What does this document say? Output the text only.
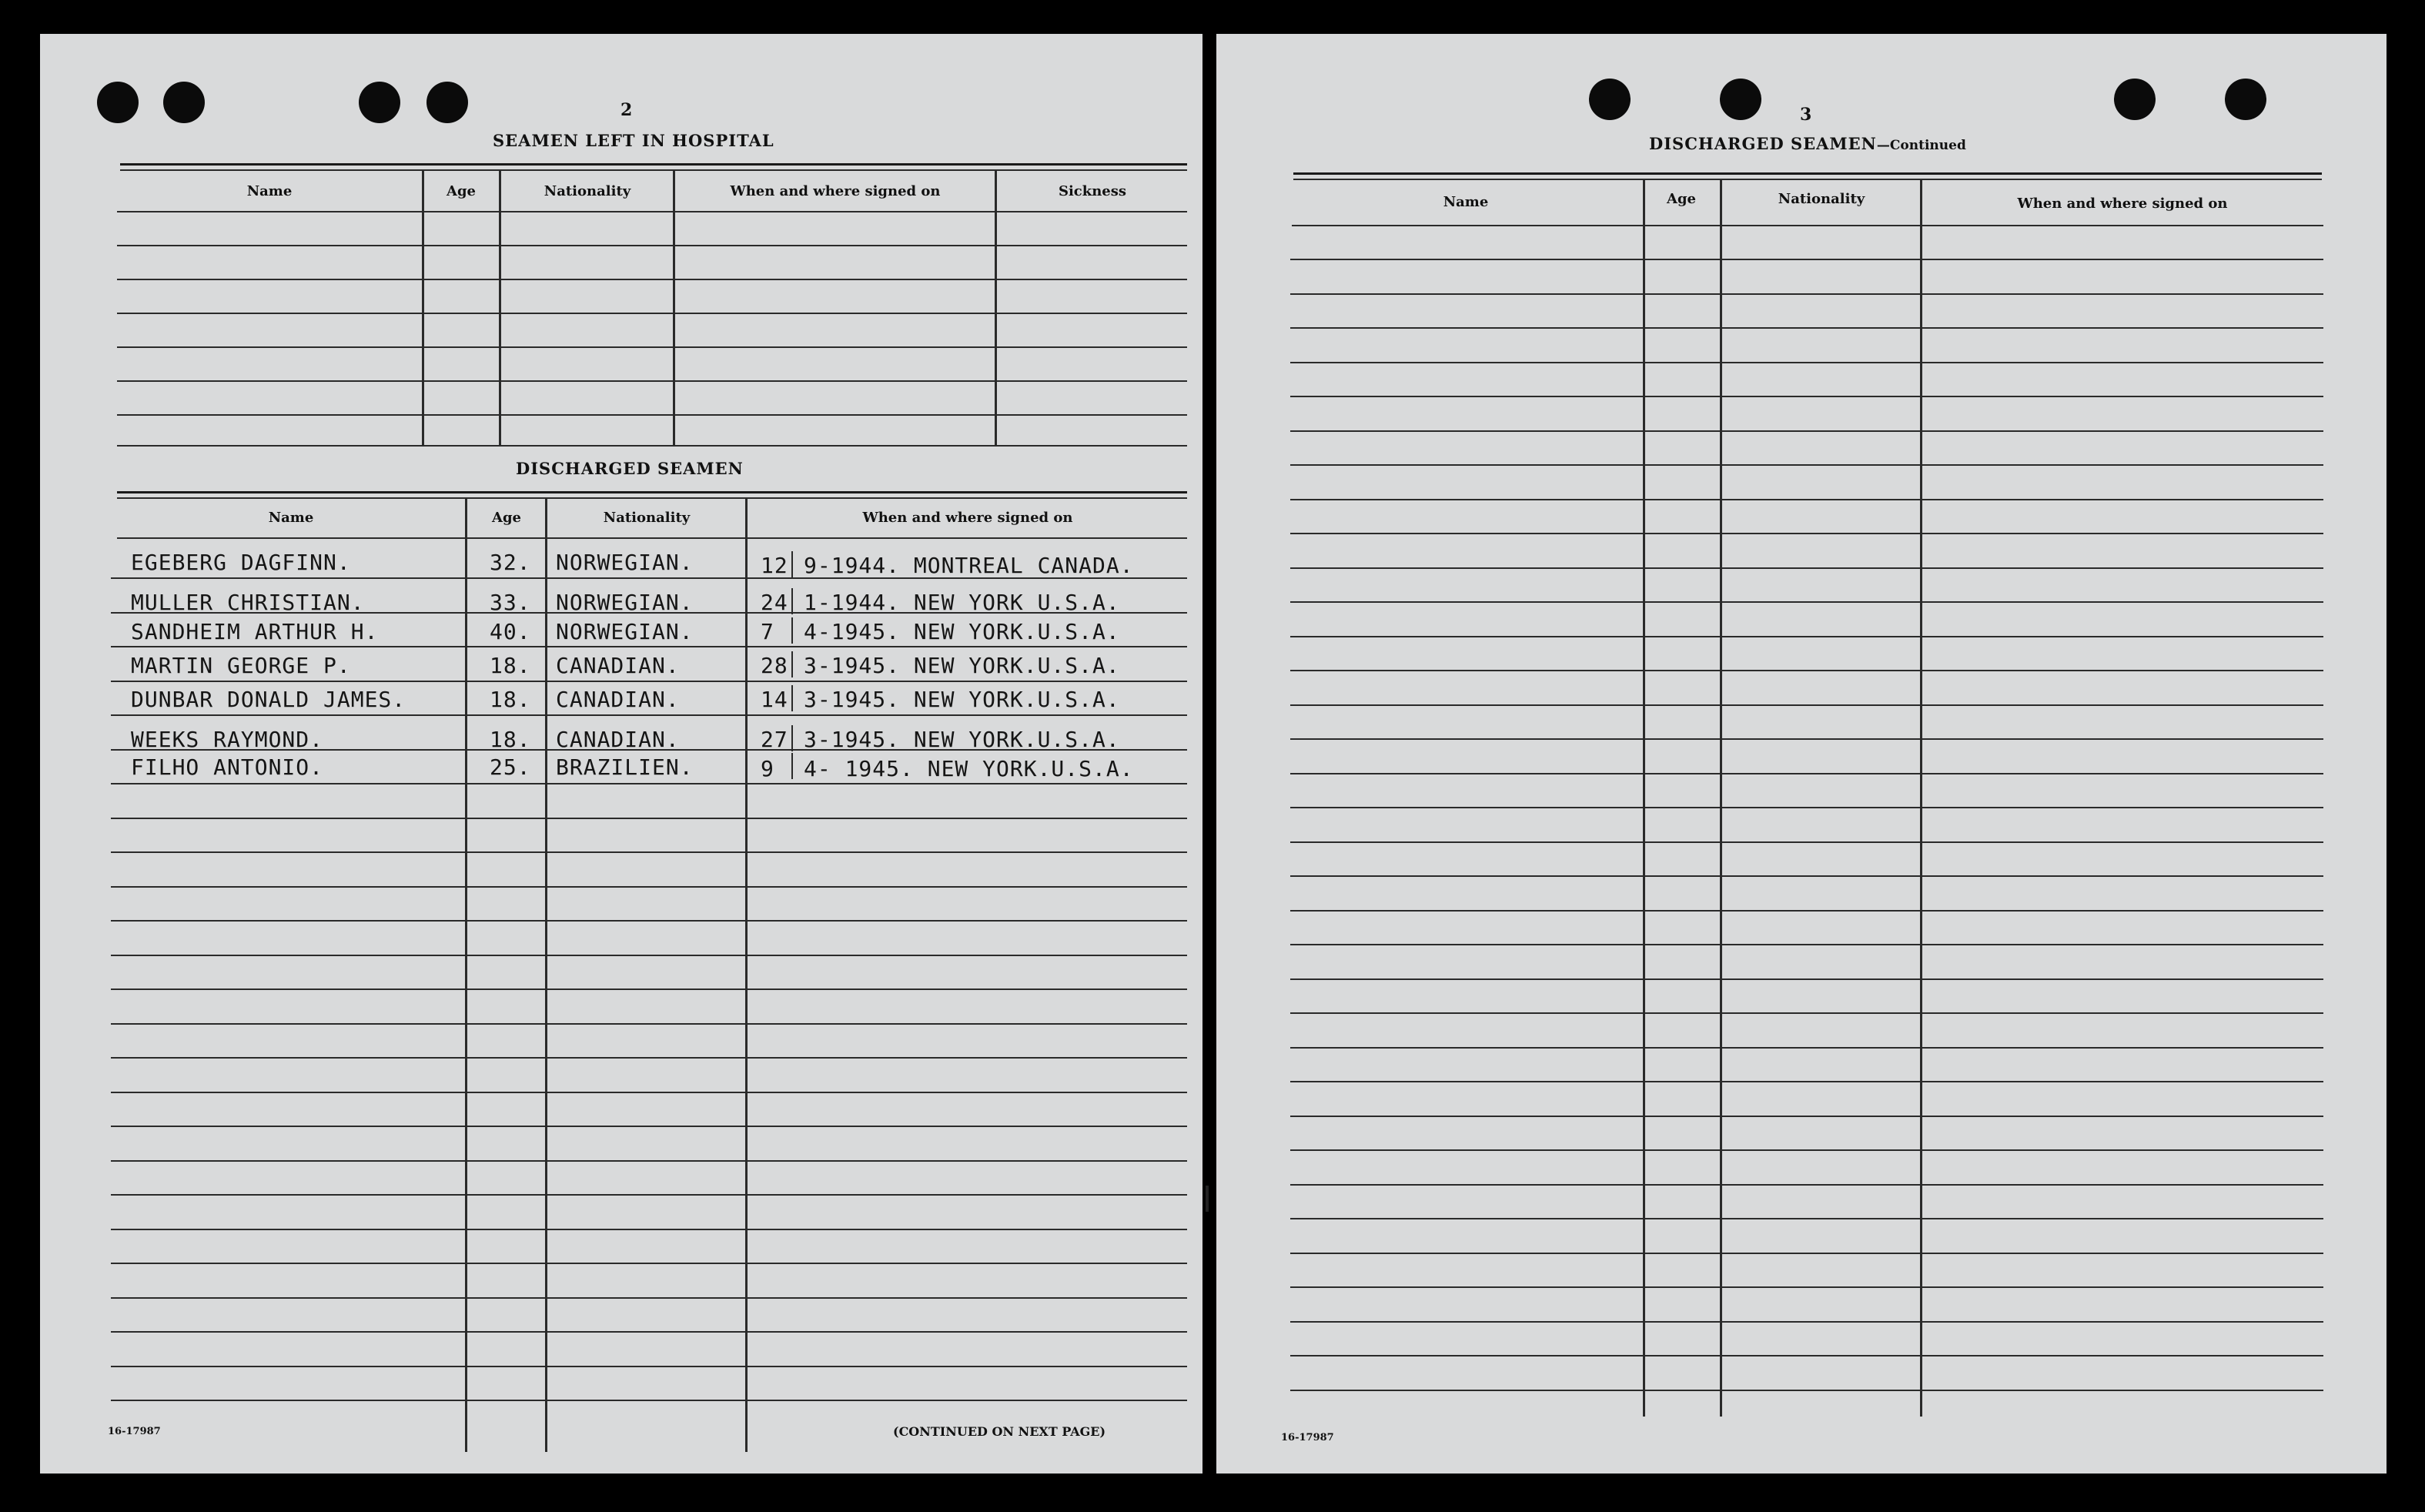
2
SEAMEN LEFT IN HOSPITAL
Name	Age	Nationality	When and where signed on	Sickness
DISCHARGED SEAMEN
Name	Age	Nationality	When and where signed on
EGEBERG DAGFINN.	32. NORWEGIAN.	12 9-1944. MONTREAL CANADA.
MULLER CHRISTIAN.	33. NORWEGIAN.	24 1-1944. NEW YORK U.S.A.
SANDHEIM ARTHUR H.	40. NORWEGIAN.	7 4-1945. NEW YORK.U.S.A.
MARTIN GEORGE P.	18. CANADIAN.	28 3-1945. NEW YORK.U.S.A.
DUNBAR DONALD JAMES.	18. CANADIAN.	14 3-1945. NEW YORK.U.S.A.
WEEKS RAYMOND.	18. CANADIAN.	27 3-1945. NEW YORK.U.S.A.
FILHO ANTONIO.	25. BRAZILIEN.	9 4- 1945. NEW YORK.U.S.A.
16-17987	(CONTINUED ON NEXT PAGE)
3
DISCHARGED SEAMEN—Continued
Name	Age	Nationality	When and where signed on
16-17987
